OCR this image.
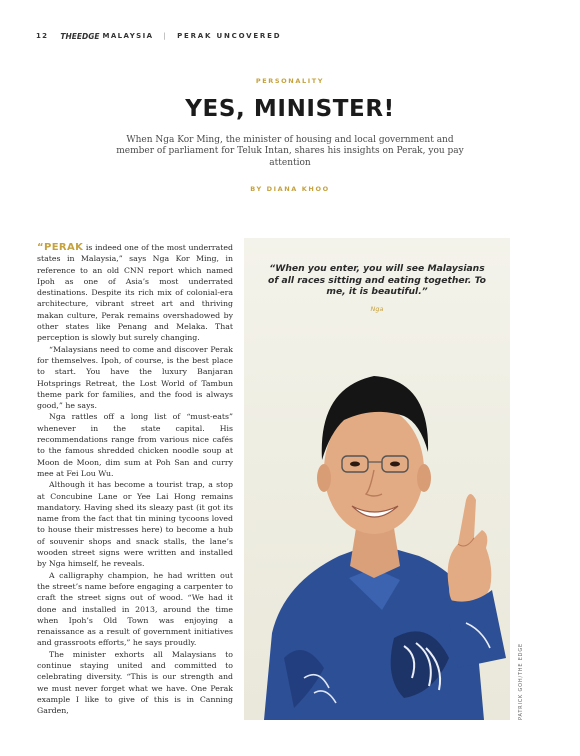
12 THEEDGE MALAYSIA | PERAK UNCOVERED
PERSONALITY
YES, MINISTER!

When Nga Kor Ming, the minister of housing and local government and member of parliament for Teluk Intan, shares his insights on Perak, you pay attention

BY DIANA KHOO

“PERAK is indeed one of the most underrated states in Malaysia,” says Nga Kor Ming, in reference to an old CNN report which named Ipoh as one of Asia’s most underrated destinations. Despite its rich mix of colonial-era architecture, vibrant street art and thriving makan culture, Perak remains overshadowed by other states like Penang and Melaka. That perception is slowly but surely changing.

“Malaysians need to come and discover Perak for themselves. Ipoh, of course, is the best place to start. You have the luxury Banjaran Hotsprings Retreat, the Lost World of Tambun theme park for families, and the food is always good,” he says.

Nga rattles off a long list of “must-eats” whenever in the state capital. His recommendations range from various nice cafés to the famous shredded chicken noodle soup at Moon de Moon, dim sum at Poh San and curry mee at Fei Lou Wu.

Although it has become a tourist trap, a stop at Concubine Lane or Yee Lai Hong remains mandatory. Having shed its sleazy past (it got its name from the fact that tin mining tycoons loved to house their mistresses here) to become a hub of souvenir shops and snack stalls, the lane’s wooden street signs were written and installed by Nga himself, he reveals.

A calligraphy champion, he had written out the street’s name before engaging a carpenter to craft the street signs out of wood. “We had it done and installed in 2013, around the time when Ipoh’s Old Town was enjoying a renaissance as a result of government initiatives and grassroots efforts,” he says proudly.

The minister exhorts all Malaysians to continue staying united and committed to celebrating diversity. “This is our strength and we must never forget what we have. One Perak example I like to give of this is in Canning Garden,

“When you enter, you will see Malaysians of all races sitting and eating together. To me, it is beautiful.”

Nga
PATRICK GOH/THE EDGE
